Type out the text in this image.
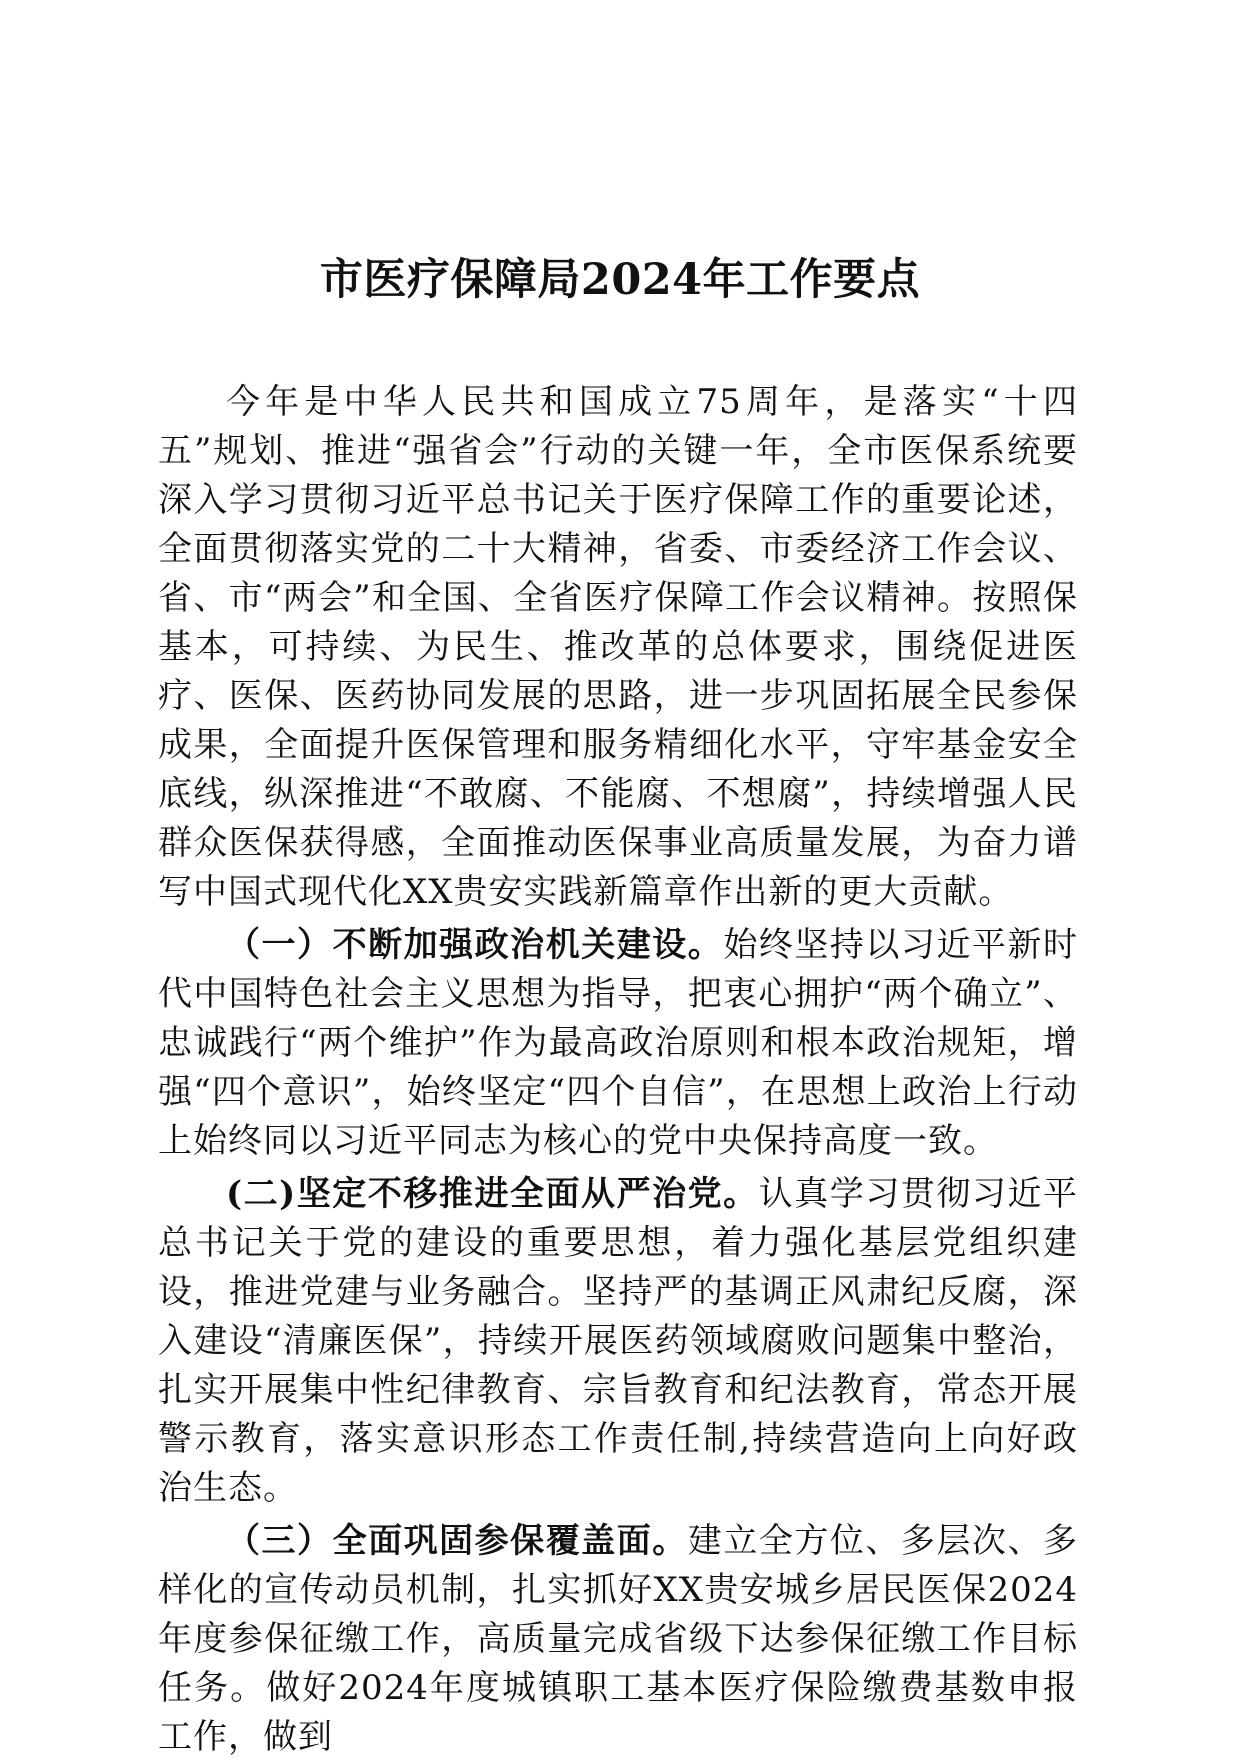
市医疗保障局2024年工作要点

今年是中华人民共和国成立75周年，是落实“十四五”规划、推进“强省会”行动的关键一年，全市医保系统要深入学习贯彻习近平总书记关于医疗保障工作的重要论述，全面贯彻落实党的二十大精神，省委、市委经济工作会议、省、市“两会”和全国、全省医疗保障工作会议精神。按照保基本，可持续、为民生、推改革的总体要求，围绕促进医疗、医保、医药协同发展的思路，进一步巩固拓展全民参保成果，全面提升医保管理和服务精细化水平，守牢基金安全底线，纵深推进“不敢腐、不能腐、不想腐”，持续增强人民群众医保获得感，全面推动医保事业高质量发展，为奋力谱写中国式现代化XX贵安实践新篇章作出新的更大贡献。

（一）不断加强政治机关建设。始终坚持以习近平新时代中国特色社会主义思想为指导，把衷心拥护“两个确立”、忠诚践行“两个维护”作为最高政治原则和根本政治规矩，增强“四个意识”，始终坚定“四个自信”，在思想上政治上行动上始终同以习近平同志为核心的党中央保持高度一致。

(二)坚定不移推进全面从严治党。认真学习贯彻习近平总书记关于党的建设的重要思想，着力强化基层党组织建设，推进党建与业务融合。坚持严的基调正风肃纪反腐，深入建设“清廉医保”，持续开展医药领域腐败问题集中整治，扎实开展集中性纪律教育、宗旨教育和纪法教育，常态开展警示教育，落实意识形态工作责任制,持续营造向上向好政治生态。

（三）全面巩固参保覆盖面。建立全方位、多层次、多样化的宣传动员机制，扎实抓好XX贵安城乡居民医保2024年度参保征缴工作，高质量完成省级下达参保征缴工作目标任务。做好2024年度城镇职工基本医疗保险缴费基数申报工作，做到
